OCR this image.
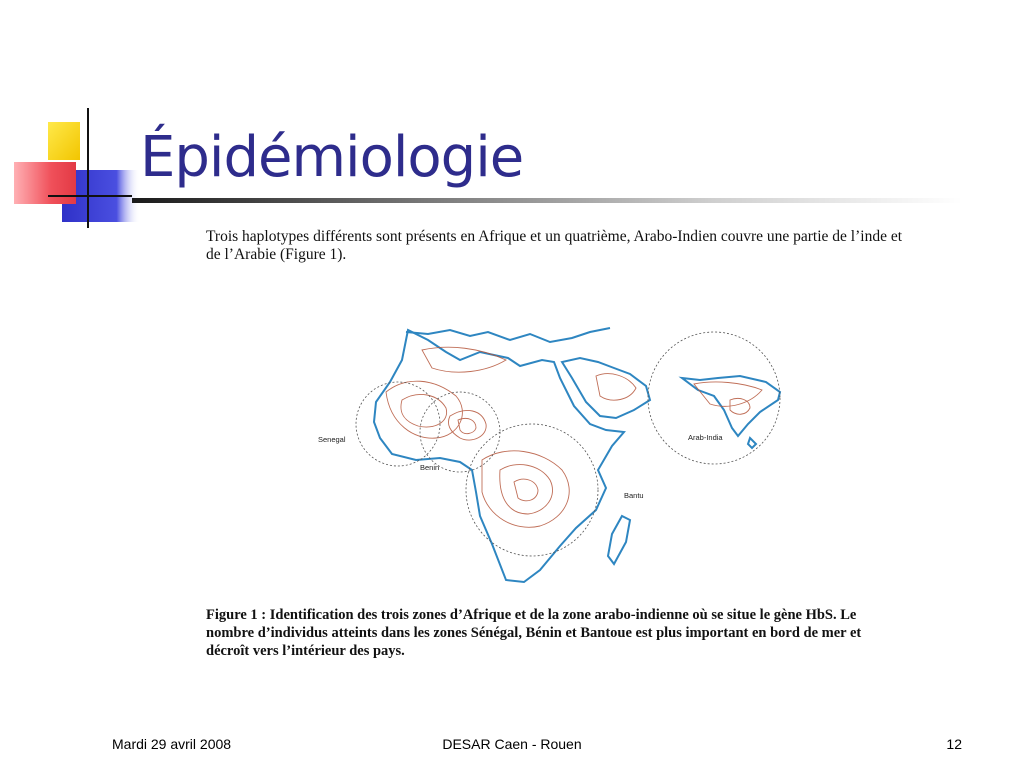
Épidémiologie

Trois haplotypes différents sont présents en Afrique et un quatrième, Arabo-Indien couvre une partie de l’inde et de l’Arabie (Figure 1).

Senegal
Benin
Bantu
Arab-India

Figure 1 : Identification des trois zones d’Afrique et de la zone arabo-indienne où se situe le gène HbS. Le nombre d’individus atteints dans les zones Sénégal, Bénin et Bantoue est plus important en bord de mer et décroît vers l’intérieur des pays.

Mardi 29 avril 2008	DESAR Caen - Rouen	12
